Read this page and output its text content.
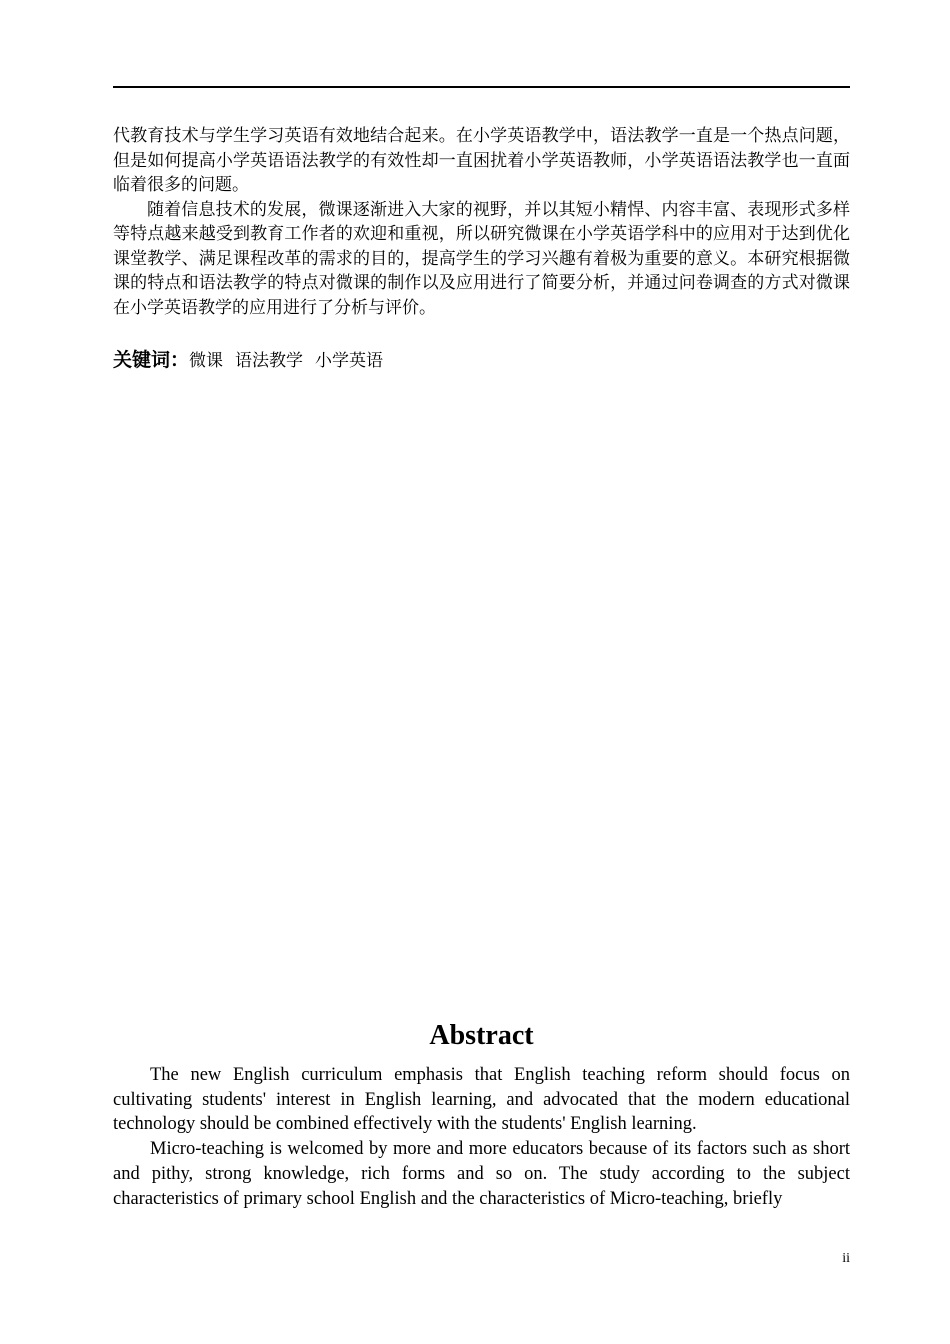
代教育技术与学生学习英语有效地结合起来。在小学英语教学中，语法教学一直是一个热点问题，但是如何提高小学英语语法教学的有效性却一直困扰着小学英语教师，小学英语语法教学也一直面临着很多的问题。

随着信息技术的发展，微课逐渐进入大家的视野，并以其短小精悍、内容丰富、表现形式多样等特点越来越受到教育工作者的欢迎和重视，所以研究微课在小学英语学科中的应用对于达到优化课堂教学、满足课程改革的需求的目的，提高学生的学习兴趣有着极为重要的意义。本研究根据微课的特点和语法教学的特点对微课的制作以及应用进行了简要分析，并通过问卷调查的方式对微课在小学英语教学的应用进行了分析与评价。

关键词：微课 语法教学 小学英语
Abstract

The new English curriculum emphasis that English teaching reform should focus on cultivating students' interest in English learning, and advocated that the modern educational technology should be combined effectively with the students' English learning.

Micro-teaching is welcomed by more and more educators because of its factors such as short and pithy, strong knowledge, rich forms and so on. The study according to the subject characteristics of primary school English and the characteristics of Micro-teaching, briefly

ii
